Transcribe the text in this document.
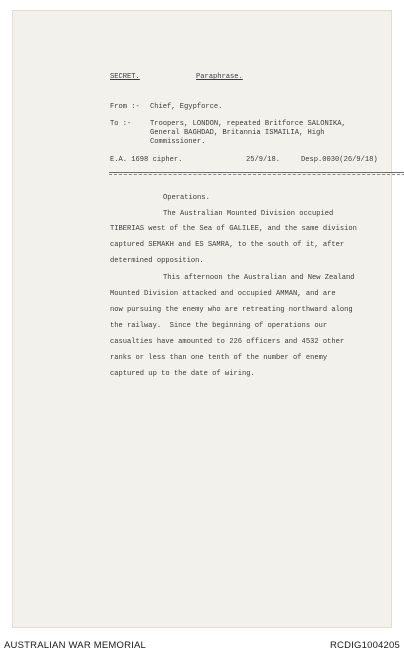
SECRET.	Paraphrase.
From :- Chief, Egypforce.
To :-	Troopers, LONDON, repeated Britforce SALONIKA,
General BAGHDAD, Britannia ISMAILIA, High
Commissioner.
E.A. 1698 cipher.	25/9/18.	Desp.0030(26/9/18)
Operations.
The Australian Mounted Division occupied
TIBERIAS west of the Sea of GALILEE, and the same division
captured SEMAKH and ES SAMRA, to the south of it, after
determined opposition.
This afternoon the Australian and New Zealand
Mounted Division attacked and occupied AMMAN, and are
now pursuing the enemy who are retreating northward along
the railway.  Since the beginning of operations our
casualties have amounted to 226 officers and 4532 other
ranks or less than one tenth of the number of enemy
captured up to the date of wiring.
AUSTRALIAN WAR MEMORIAL	RCDIG1004205
